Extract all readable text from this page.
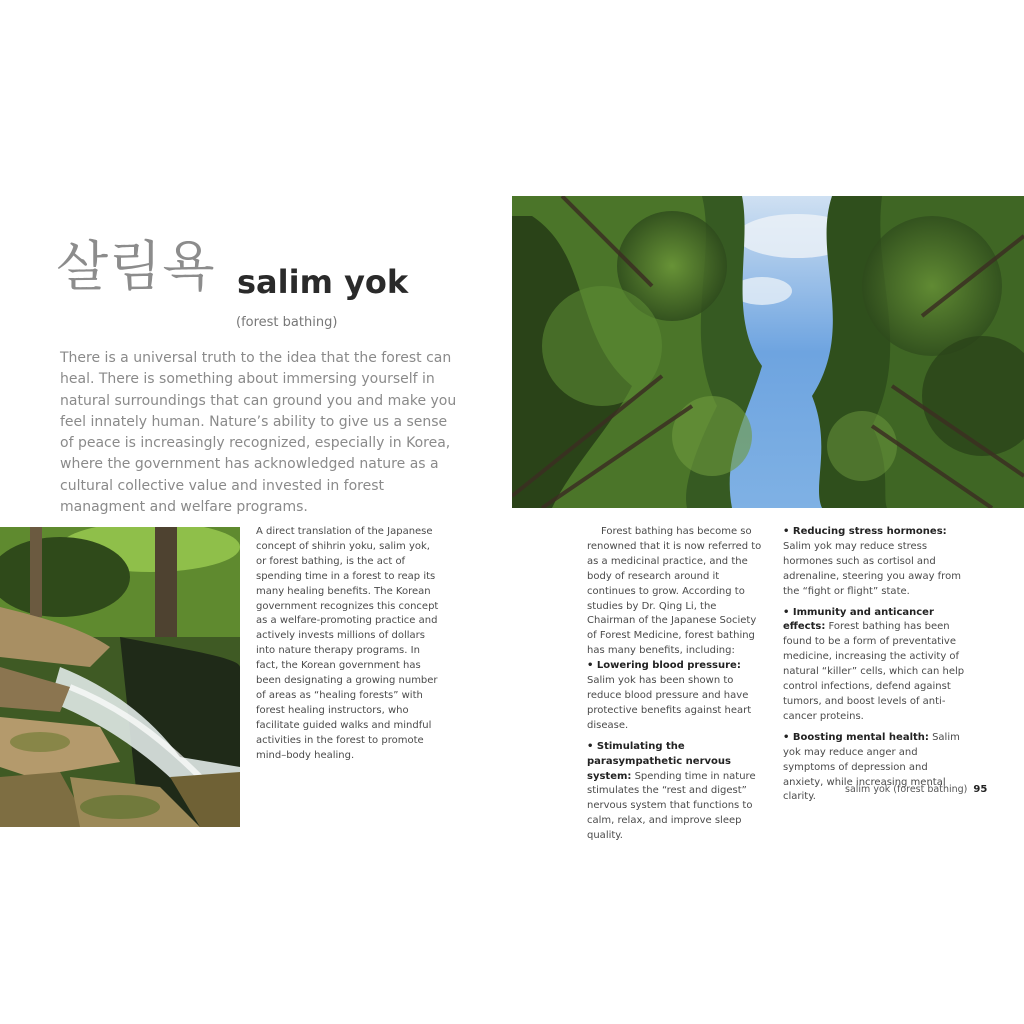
살림욕 salim yok
(forest bathing)

There is a universal truth to the idea that the forest can heal. There is something about immersing yourself in natural surroundings that can ground you and make you feel innately human. Nature’s ability to give us a sense of peace is increasingly recognized, especially in Korea, where the government has acknowledged nature as a cultural collective value and invested in forest managment and welfare programs.

A direct translation of the Japanese concept of shihrin yoku, salim yok, or forest bathing, is the act of spending time in a forest to reap its many healing benefits. The Korean government recognizes this concept as a welfare-promoting practice and actively invests millions of dollars into nature therapy programs. In fact, the Korean government has been designating a growing number of areas as “healing forests” with forest healing instructors, who facilitate guided walks and mindful activities in the forest to promote mind–body healing.

Forest bathing has become so renowned that it is now referred to as a medicinal practice, and the body of research around it continues to grow. According to studies by Dr. Qing Li, the Chairman of the Japanese Society of Forest Medicine, forest bathing has many benefits, including:

• Lowering blood pressure: Salim yok has been shown to reduce blood pressure and have protective benefits against heart disease.

• Stimulating the parasympathetic nervous system: Spending time in nature stimulates the “rest and digest” nervous system that functions to calm, relax, and improve sleep quality.

• Reducing stress hormones: Salim yok may reduce stress hormones such as cortisol and adrenaline, steering you away from the “fight or flight” state.

• Immunity and anticancer effects: Forest bathing has been found to be a form of preventative medicine, increasing the activity of natural “killer” cells, which can help control infections, defend against tumors, and boost levels of anti-cancer proteins.

• Boosting mental health: Salim yok may reduce anger and symptoms of depression and anxiety, while increasing mental clarity.

salim yok (forest bathing) 95
